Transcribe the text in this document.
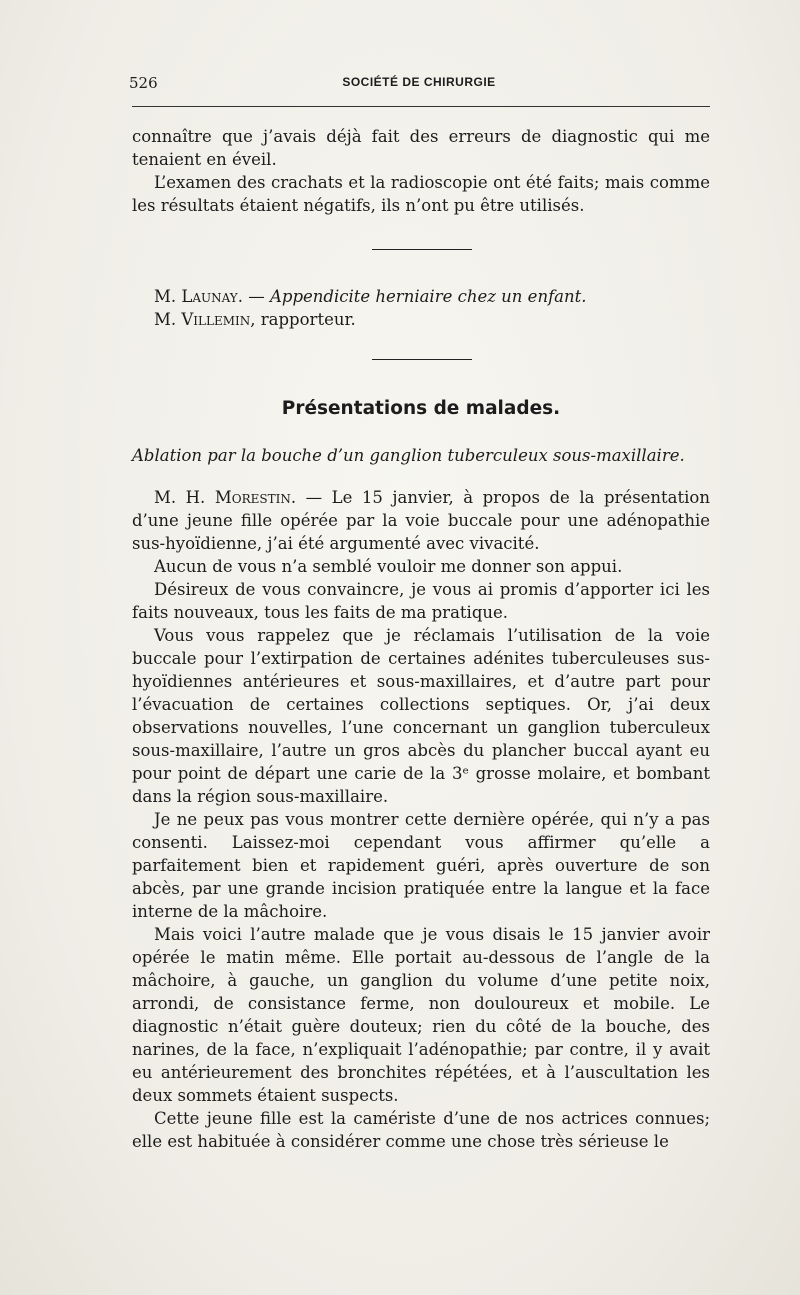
526	SOCIÉTÉ DE CHIRURGIE

connaître que j’avais déjà fait des erreurs de diagnostic qui me tenaient en éveil.

L’examen des crachats et la radioscopie ont été faits; mais comme les résultats étaient négatifs, ils n’ont pu être utilisés.

M. Launay. — Appendicite herniaire chez un enfant.

M. Villemin, rapporteur.

Présentations de malades.
Ablation par la bouche d’un ganglion tuberculeux sous-maxillaire.

M. H. Morestin. — Le 15 janvier, à propos de la présentation d’une jeune fille opérée par la voie buccale pour une adénopathie sus-hyoïdienne, j’ai été argumenté avec vivacité.

Aucun de vous n’a semblé vouloir me donner son appui.

Désireux de vous convaincre, je vous ai promis d’apporter ici les faits nouveaux, tous les faits de ma pratique.

Vous vous rappelez que je réclamais l’utilisation de la voie buccale pour l’extirpation de certaines adénites tuberculeuses sus-hyoïdiennes antérieures et sous-maxillaires, et d’autre part pour l’évacuation de certaines collections septiques. Or, j’ai deux observations nouvelles, l’une concernant un ganglion tuberculeux sous-maxillaire, l’autre un gros abcès du plancher buccal ayant eu pour point de départ une carie de la 3ᵉ grosse molaire, et bombant dans la région sous-maxillaire.

Je ne peux pas vous montrer cette dernière opérée, qui n’y a pas consenti. Laissez-moi cependant vous affirmer qu’elle a parfaitement bien et rapidement guéri, après ouverture de son abcès, par une grande incision pratiquée entre la langue et la face interne de la mâchoire.

Mais voici l’autre malade que je vous disais le 15 janvier avoir opérée le matin même. Elle portait au-dessous de l’angle de la mâchoire, à gauche, un ganglion du volume d’une petite noix, arrondi, de consistance ferme, non douloureux et mobile. Le diagnostic n’était guère douteux; rien du côté de la bouche, des narines, de la face, n’expliquait l’adénopathie; par contre, il y avait eu antérieurement des bronchites répétées, et à l’auscultation les deux sommets étaient suspects.

Cette jeune fille est la camériste d’une de nos actrices connues; elle est habituée à considérer comme une chose très sérieuse le
